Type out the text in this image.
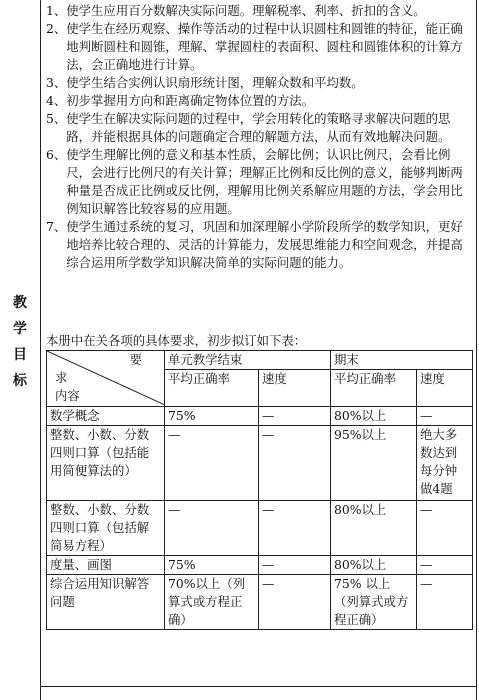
教
学
目
标
1、 使学生应用百分数解决实际问题。理解税率、利率、折扣的含义。
2、 使学生在经历观察、操作等活动的过程中认识圆柱和圆锥的特征，能正确地判断圆柱和圆锥，理解、掌握圆柱的表面积、圆柱和圆锥体积的计算方法，会正确地进行计算。
3、 使学生结合实例认识扇形统计图，理解众数和平均数。
4、 初步掌握用方向和距离确定物体位置的方法。
5、 使学生在解决实际问题的过程中，学会用转化的策略寻求解决问题的思路，并能根据具体的问题确定合理的解题方法，从而有效地解决问题。
6、 使学生理解比例的意义和基本性质，会解比例；认识比例尺，会看比例尺，会进行比例尺的有关计算；理解正比例和反比例的意义，能够判断两种量是否成正比例或反比例，理解用比例关系解应用题的方法，学会用比例知识解答比较容易的应用题。
7、 使学生通过系统的复习，巩固和加深理解小学阶段所学的数学知识，更好地培养比较合理的、灵活的计算能力，发展思维能力和空间观念，并提高综合运用所学数学知识解决简单的实际问题的能力。
本册中在关各项的具体要求，初步拟订如下表：
要
求
内容	单元教学结束		期末	
	平均正确率	速度	平均正确率	速度
数学概念	75%	—	80%以上	—
整数、小数、分数四则口算（包括能用简便算法的）	—	—	95%以上	绝大多数达到每分钟做4题
整数、小数、分数四则口算（包括解简易方程）	—	—	80%以上	—
度量、画图	75%	—	80%以上	—
综合运用知识解答问题	70%以上（列算式或方程正确）	—	75% 以上（列算式或方程正确）	—
